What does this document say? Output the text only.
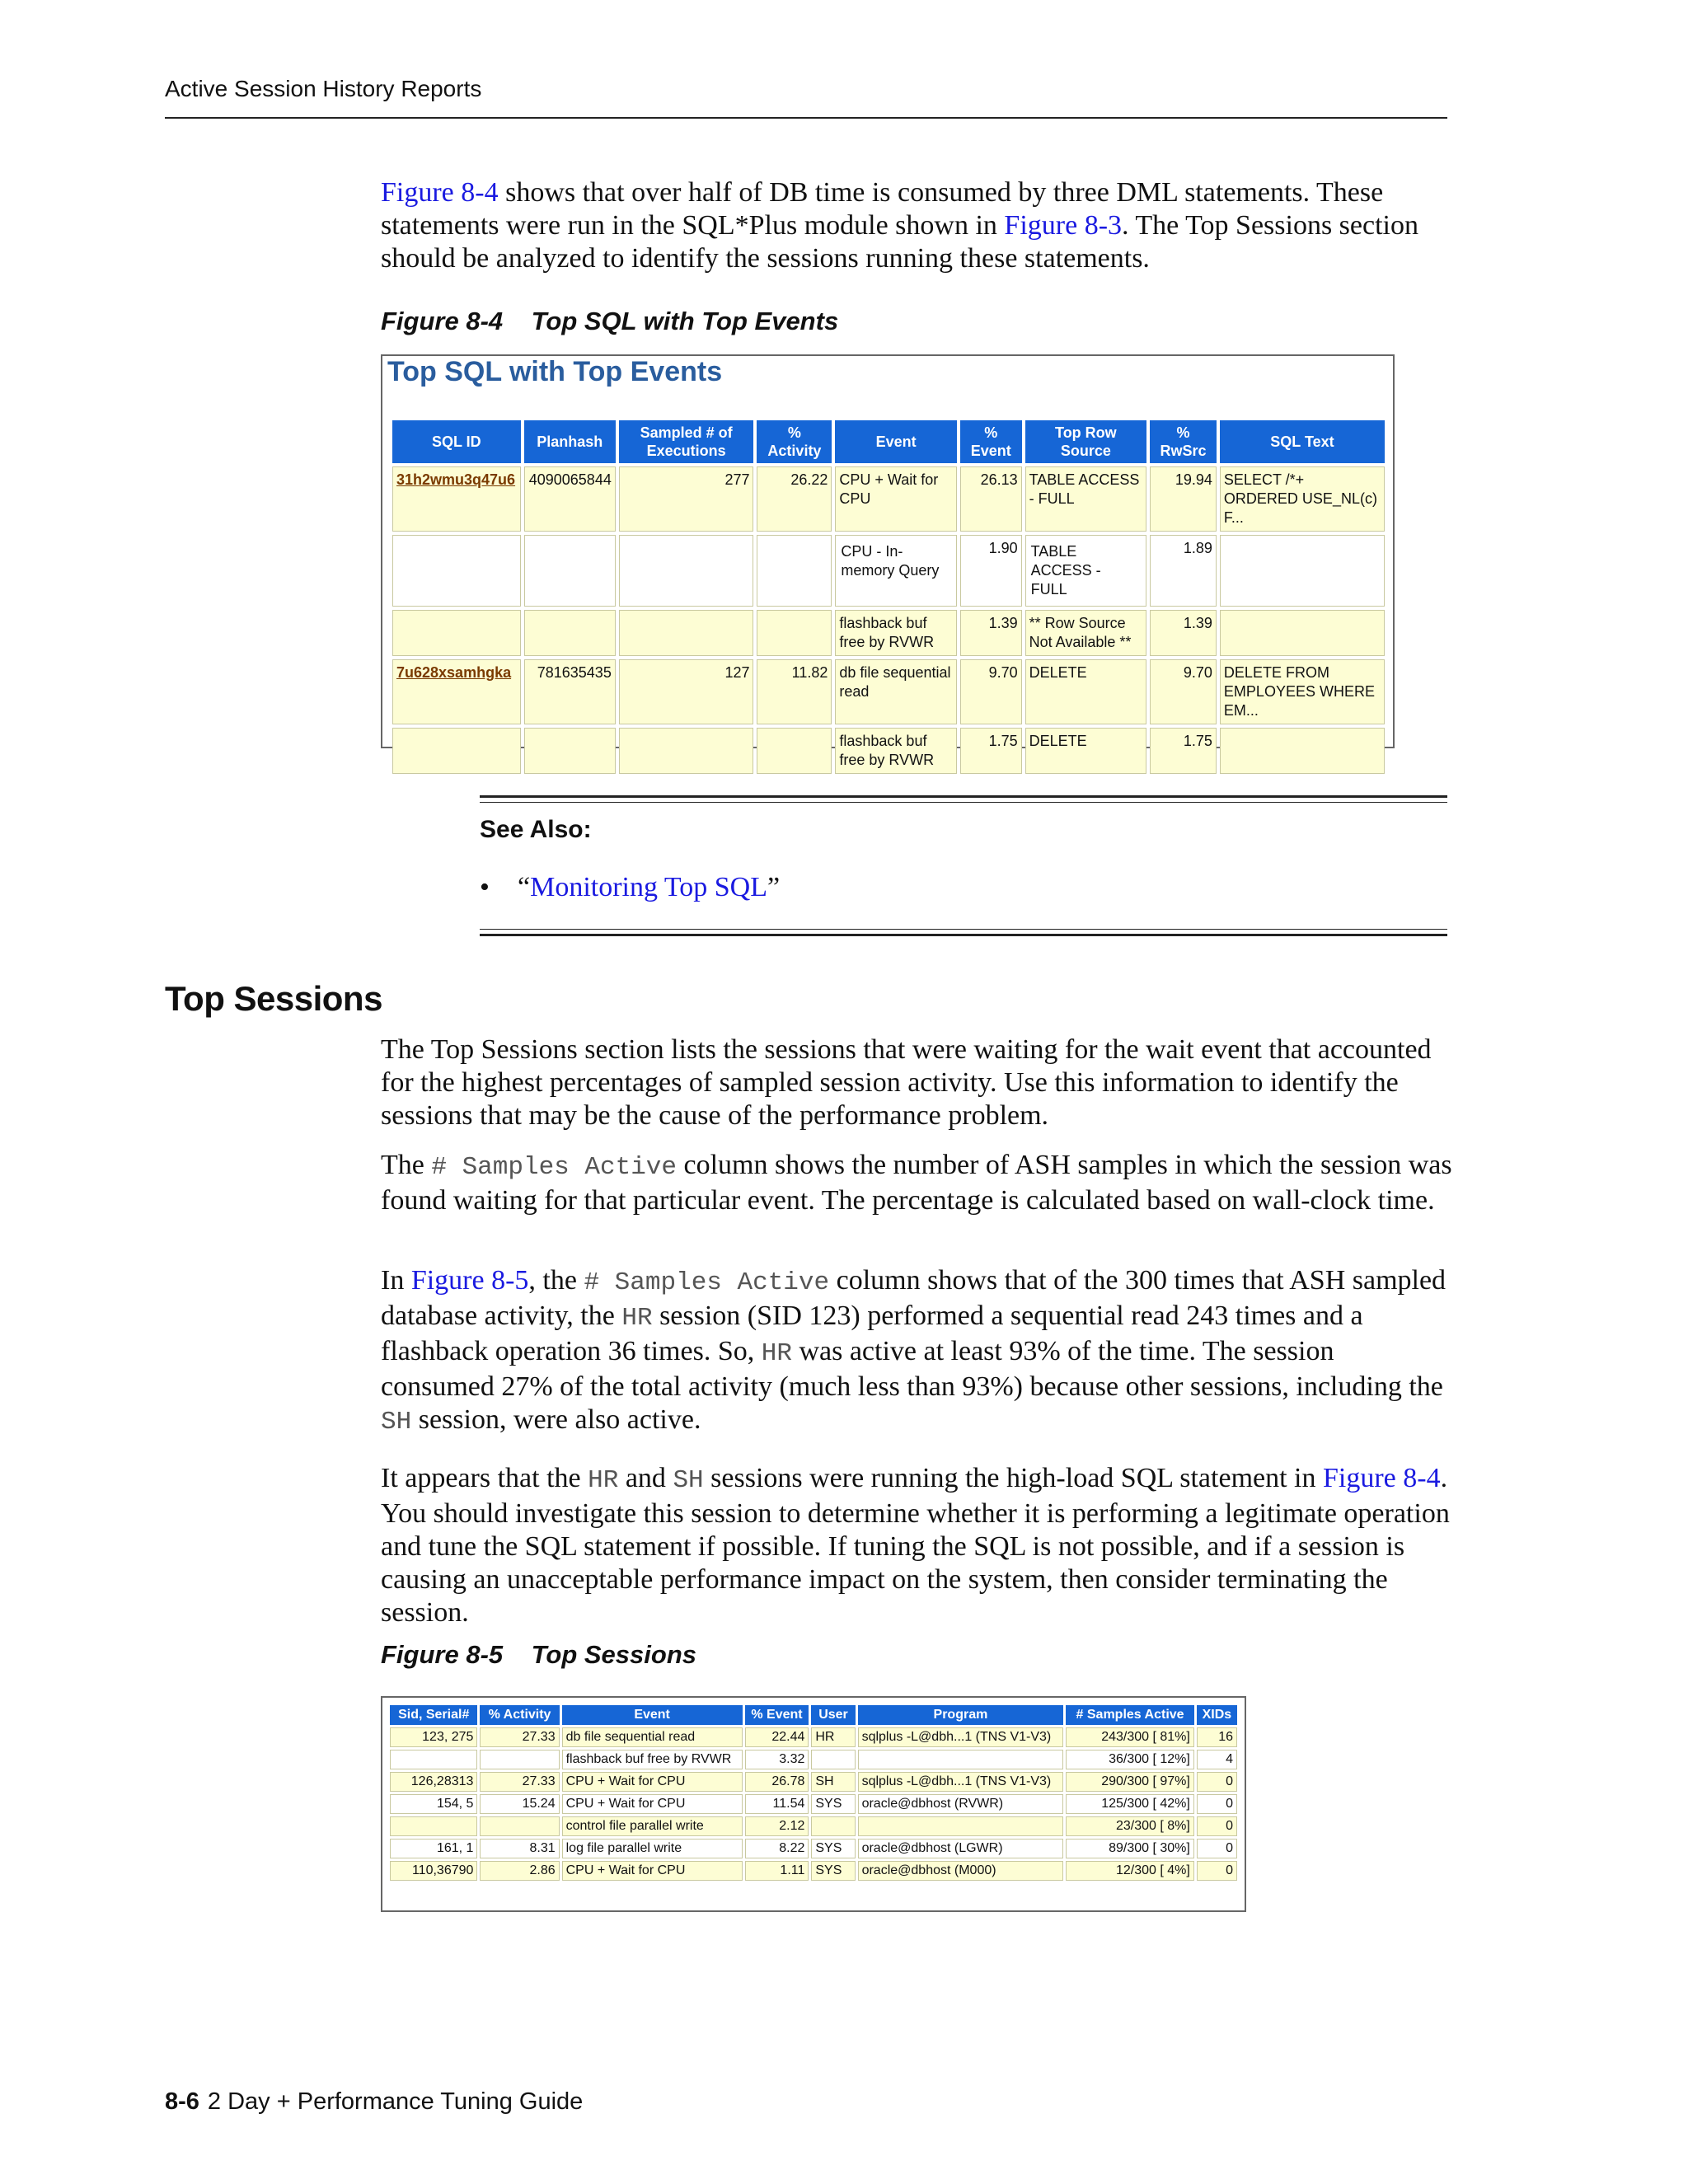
Active Session History Reports

Figure 8-4 shows that over half of DB time is consumed by three DML statements. These statements were run in the SQL*Plus module shown in Figure 8-3. The Top Sessions section should be analyzed to identify the sessions running these statements.

Figure 8-4 Top SQL with Top Events
Top SQL with Top Events
SQL ID	Planhash	Sampled # of Executions	% Activity	Event	% Event	Top Row Source	% RwSrc	SQL Text
31h2wmu3q47u6	4090065844	277	26.22	CPU + Wait for CPU	26.13	TABLE ACCESS - FULL	19.94	SELECT /*+ ORDERED USE_NL(c) F...
				CPU - In-memory Query	1.90	TABLE ACCESS - FULL	1.89	
				flashback buf free by RVWR	1.39	** Row Source Not Available **	1.39	
7u628xsamhgka	781635435	127	11.82	db file sequential read	9.70	DELETE	9.70	DELETE FROM EMPLOYEES WHERE EM...
				flashback buf free by RVWR	1.75	DELETE	1.75	
See Also:
• “Monitoring Top SQL”
Top Sessions

The Top Sessions section lists the sessions that were waiting for the wait event that accounted for the highest percentages of sampled session activity. Use this information to identify the sessions that may be the cause of the performance problem.

The # Samples Active column shows the number of ASH samples in which the session was found waiting for that particular event. The percentage is calculated based on wall-clock time.

In Figure 8-5, the # Samples Active column shows that of the 300 times that ASH sampled database activity, the HR session (SID 123) performed a sequential read 243 times and a flashback operation 36 times. So, HR was active at least 93% of the time. The session consumed 27% of the total activity (much less than 93%) because other sessions, including the SH session, were also active.

It appears that the HR and SH sessions were running the high-load SQL statement in Figure 8-4. You should investigate this session to determine whether it is performing a legitimate operation and tune the SQL statement if possible. If tuning the SQL is not possible, and if a session is causing an unacceptable performance impact on the system, then consider terminating the session.

Figure 8-5 Top Sessions
Sid, Serial#	% Activity	Event	% Event	User	Program	# Samples Active	XIDs
123, 275	27.33	db file sequential read	22.44	HR	sqlplus -L@dbh...1 (TNS V1-V3)	243/300 [ 81%]	16
		flashback buf free by RVWR	3.32			36/300 [ 12%]	4
126,28313	27.33	CPU + Wait for CPU	26.78	SH	sqlplus -L@dbh...1 (TNS V1-V3)	290/300 [ 97%]	0
154, 5	15.24	CPU + Wait for CPU	11.54	SYS	oracle@dbhost (RVWR)	125/300 [ 42%]	0
		control file parallel write	2.12			23/300 [ 8%]	0
161, 1	8.31	log file parallel write	8.22	SYS	oracle@dbhost (LGWR)	89/300 [ 30%]	0
110,36790	2.86	CPU + Wait for CPU	1.11	SYS	oracle@dbhost (M000)	12/300 [ 4%]	0
8-6 2 Day + Performance Tuning Guide
